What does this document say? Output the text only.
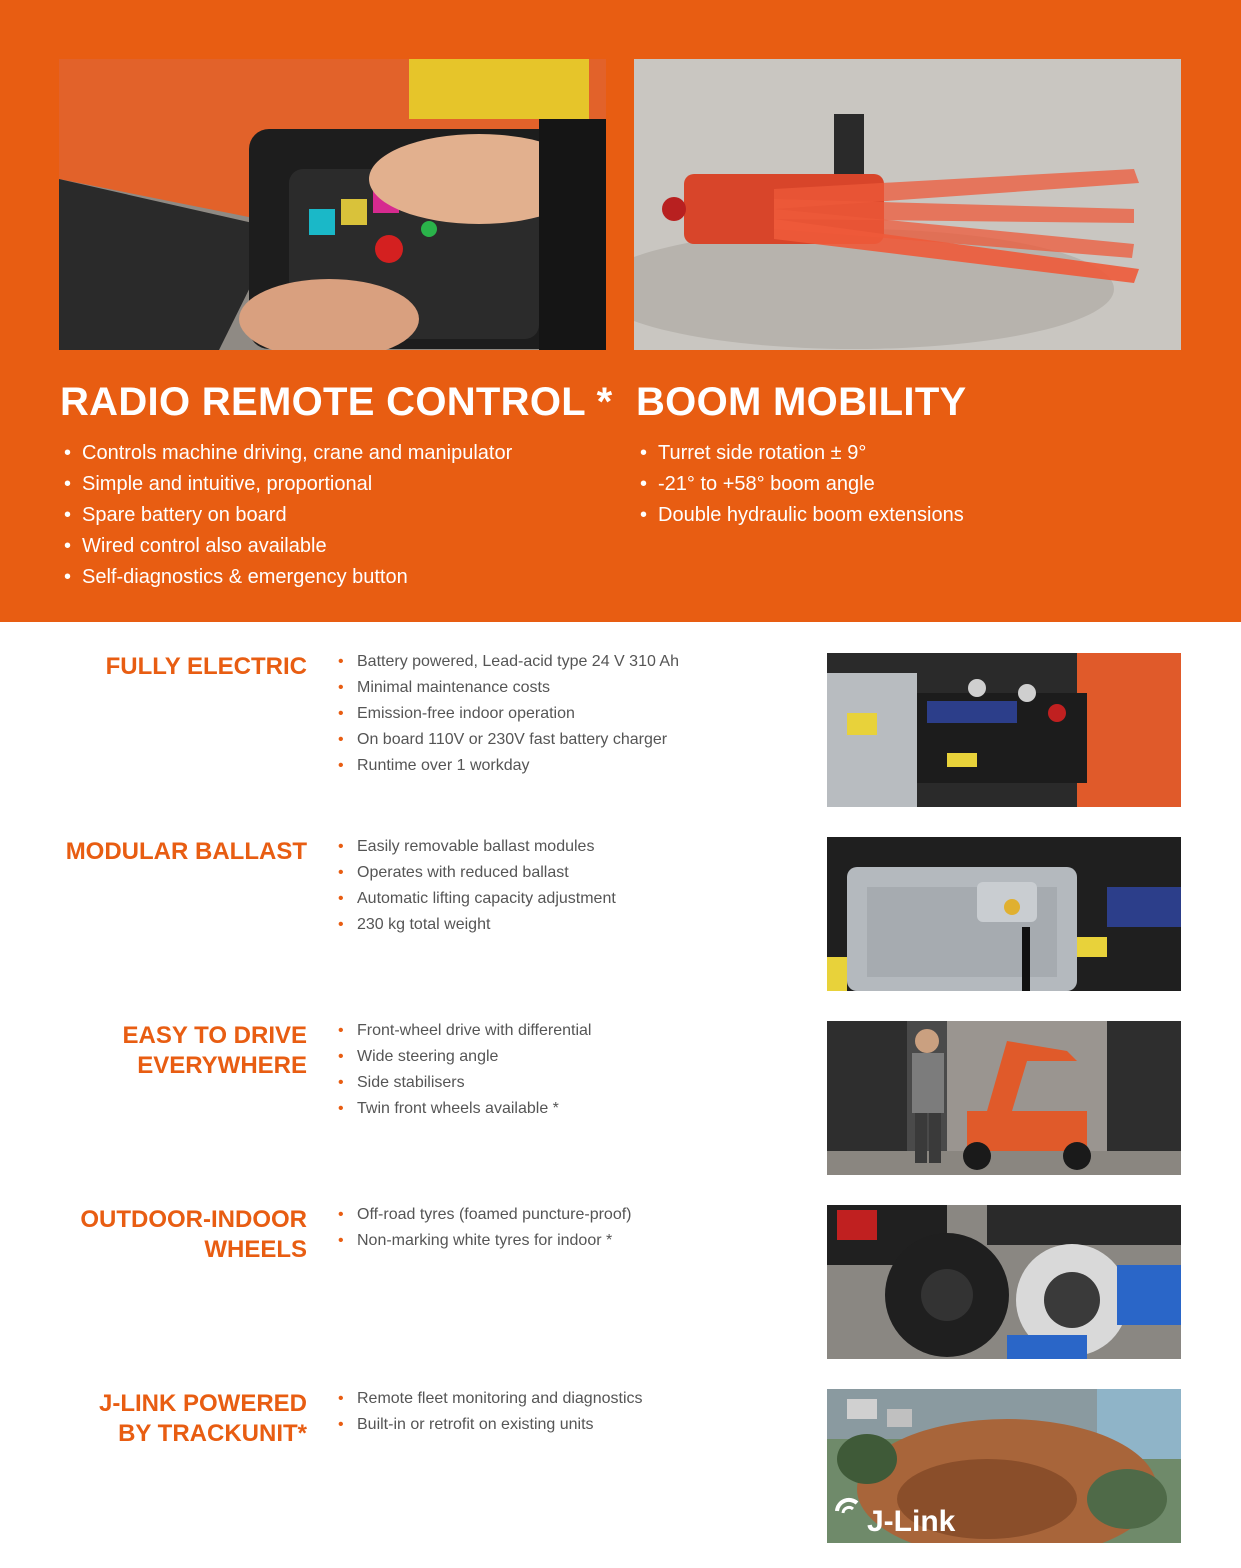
RADIO REMOTE CONTROL *
• Controls machine driving, crane and manipulator
• Simple and intuitive, proportional
• Spare battery on board
• Wired control also available
• Self-diagnostics & emergency button
BOOM MOBILITY
• Turret side rotation ± 9°
• -21° to +58° boom angle
• Double hydraulic boom extensions
FULLY ELECTRIC	• Battery powered, Lead-acid type 24 V 310 Ah
• Minimal maintenance costs
• Emission-free indoor operation
• On board 110V or 230V fast battery charger
• Runtime over 1 workday
MODULAR BALLAST	• Easily removable ballast modules
• Operates with reduced ballast
• Automatic lifting capacity adjustment
• 230 kg total weight
EASY TO DRIVE
EVERYWHERE
• Front-wheel drive with differential
• Wide steering angle
• Side stabilisers
• Twin front wheels available *
OUTDOOR-INDOOR
WHEELS
• Off-road tyres (foamed puncture-proof)
• Non-marking white tyres for indoor *
J-LINK POWERED
BY TRACKUNIT*
• Remote fleet monitoring and diagnostics
• Built-in or retrofit on existing units
J-Link
